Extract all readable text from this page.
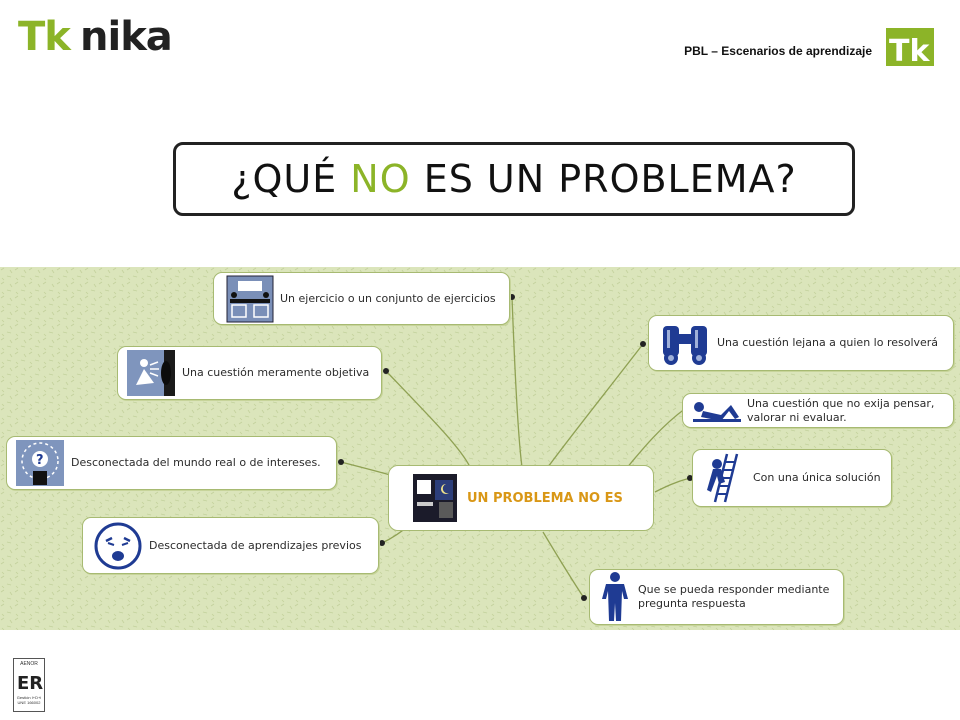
Tk nika	PBL – Escenarios de aprendizaje Tk
¿QUÉ NO ES UN PROBLEMA?
UN PROBLEMA NO ES
Un ejercicio o un conjunto de ejercicios
Una cuestión meramente objetiva
? Desconectada del mundo real o de intereses.
Desconectada de aprendizajes previos
Una cuestión lejana a quien lo resolverá
Una cuestión que no exija pensar,
valorar ni evaluar.
Con una única solución
Que se pueda responder mediante
pregunta respuesta
AENOR
ER
Gestión I+D+i UNE 166002
